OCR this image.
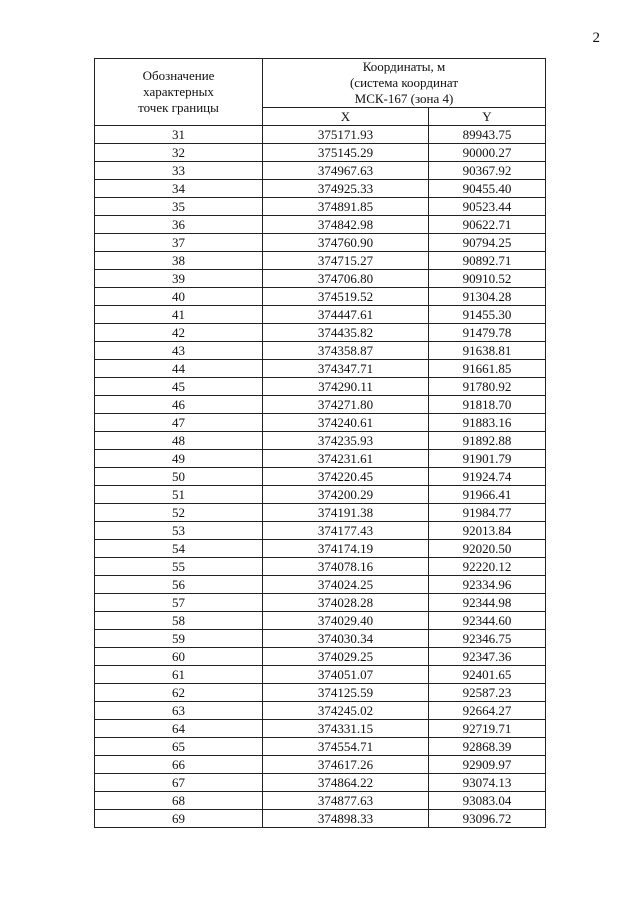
2
Обозначение
характерных
точек границы	Координаты, м
(система координат
МСК-167 (зона 4)	

	X	Y
31	375171.93	89943.75
32	375145.29	90000.27
33	374967.63	90367.92
34	374925.33	90455.40
35	374891.85	90523.44
36	374842.98	90622.71
37	374760.90	90794.25
38	374715.27	90892.71
39	374706.80	90910.52
40	374519.52	91304.28
41	374447.61	91455.30
42	374435.82	91479.78
43	374358.87	91638.81
44	374347.71	91661.85
45	374290.11	91780.92
46	374271.80	91818.70
47	374240.61	91883.16
48	374235.93	91892.88
49	374231.61	91901.79
50	374220.45	91924.74
51	374200.29	91966.41
52	374191.38	91984.77
53	374177.43	92013.84
54	374174.19	92020.50
55	374078.16	92220.12
56	374024.25	92334.96
57	374028.28	92344.98
58	374029.40	92344.60
59	374030.34	92346.75
60	374029.25	92347.36
61	374051.07	92401.65
62	374125.59	92587.23
63	374245.02	92664.27
64	374331.15	92719.71
65	374554.71	92868.39
66	374617.26	92909.97
67	374864.22	93074.13
68	374877.63	93083.04
69	374898.33	93096.72
